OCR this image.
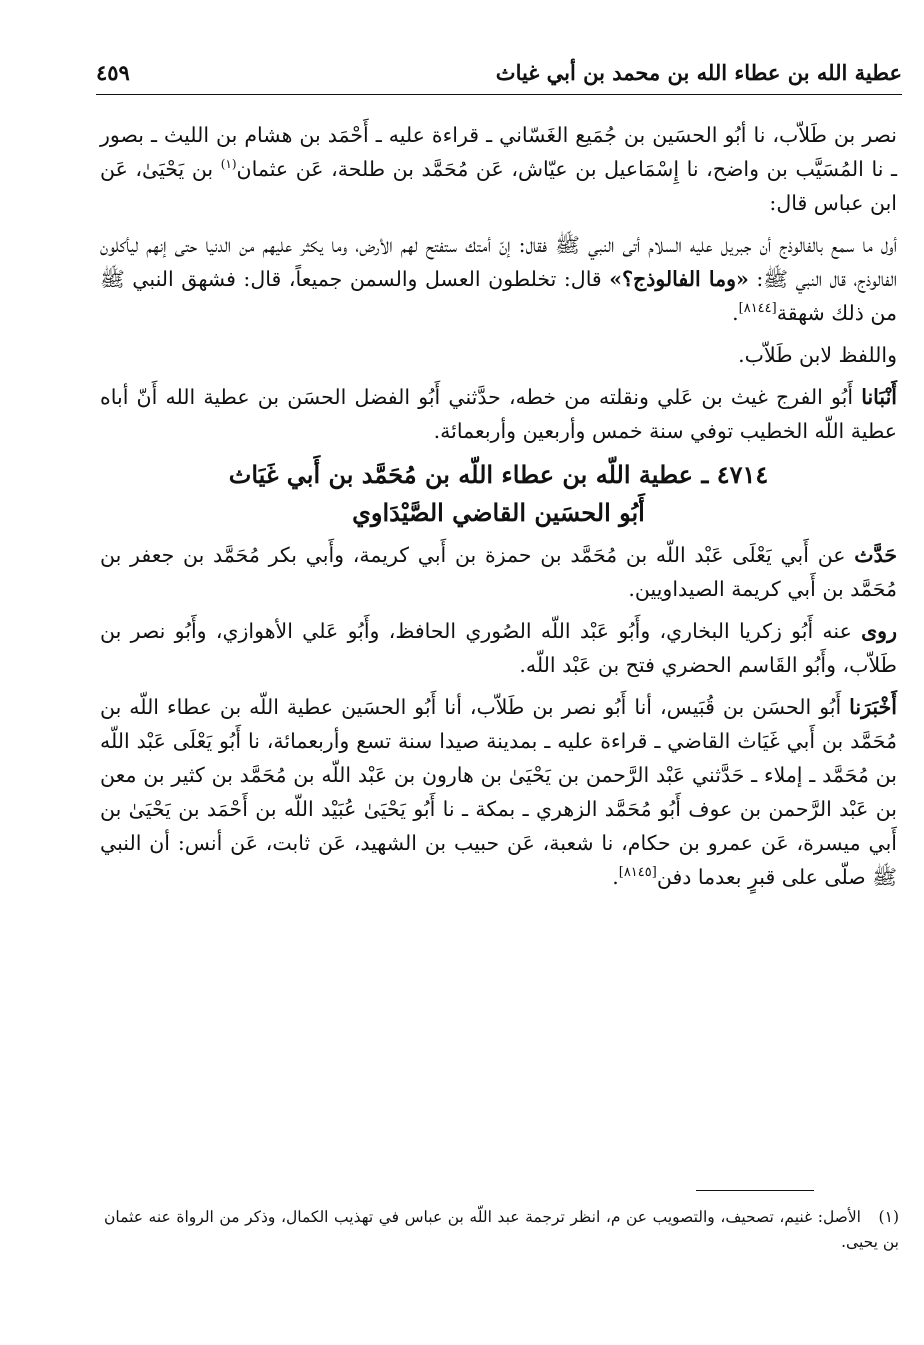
عطية الله بن عطاء الله بن محمد بن أبي غياث
٤٥٩

نصر بن طَلاّب، نا أبُو الحسَين بن جُمَيع الغَسّاني ـ قراءة عليه ـ أَحْمَد بن هشام بن الليث ـ بصور ـ نا المُسَيَّب بن واضح، نا إِسْمَاعيل بن عيّاش، عَن مُحَمَّد بن طلحة، عَن عثمان$^{(١)}$ بن يَحْيَىٰ، عَن ابن عباس قال:

أول ما سمع بالفالوذج أن جبريل عليه السلام أتى النبي ﷺ فقال: إنّ أمتك ستفتح لهم الأرض، وما يكثر عليهم من الدنيا حتى إنهم ليأكلون الفالوذج، قال النبي ﷺ: «وما الفالوذج؟» قال: تخلطون العسل والسمن جميعاً، قال: فشهق النبي ﷺ من ذلك شهقة[٨١٤٤].

واللفظ لابن طَلاّب.

أَنْبَانا أَبُو الفرج غيث بن عَلي ونقلته من خطه، حدَّثني أَبُو الفضل الحسَن بن عطية الله أَنّ أباه عطية اللّه الخطيب توفي سنة خمس وأربعين وأربعمائة.

٤٧١٤ ـ عطية اللّه بن عطاء اللّه بن مُحَمَّد بن أَبي غَيَاث
أَبُو الحسَين القاضي الصَّيْدَاوي

حَدَّث عن أَبي يَعْلَى عَبْد اللّه بن مُحَمَّد بن حمزة بن أَبي كريمة، وأَبي بكر مُحَمَّد بن جعفر بن مُحَمَّد بن أَبي كريمة الصيداويين.

روى عنه أَبُو زكريا البخاري، وأَبُو عَبْد اللّه الصُوري الحافظ، وأَبُو عَلي الأهوازي، وأَبُو نصر بن طَلاّب، وأَبُو القَاسم الحضري فتح بن عَبْد اللّه.

أَخْبَرَنا أَبُو الحسَن بن قُبَيس، أنا أَبُو نصر بن طَلاّب، أنا أَبُو الحسَين عطية اللّه بن عطاء اللّه بن مُحَمَّد بن أَبي غَيَاث القاضي ـ قراءة عليه ـ بمدينة صيدا سنة تسع وأربعمائة، نا أَبُو يَعْلَى عَبْد اللّه بن مُحَمَّد ـ إملاء ـ حَدَّثني عَبْد الرَّحمن بن يَحْيَىٰ بن هارون بن عَبْد اللّه بن مُحَمَّد بن كثير بن معن بن عَبْد الرَّحمن بن عوف أَبُو مُحَمَّد الزهري ـ بمكة ـ نا أَبُو يَحْيَىٰ عُبَيْد اللّه بن أَحْمَد بن يَحْيَىٰ بن أَبي ميسرة، عَن عمرو بن حكام، نا شعبة، عَن حبيب بن الشهيد، عَن ثابت، عَن أنس: أن النبي ﷺ صلّى على قبرٍ بعدما دفن[٨١٤٥].

(١)الأصل: غنيم، تصحيف، والتصويب عن م، انظر ترجمة عبد اللّه بن عباس في تهذيب الكمال، وذكر من الرواة عنه عثمان بن يحيى.
